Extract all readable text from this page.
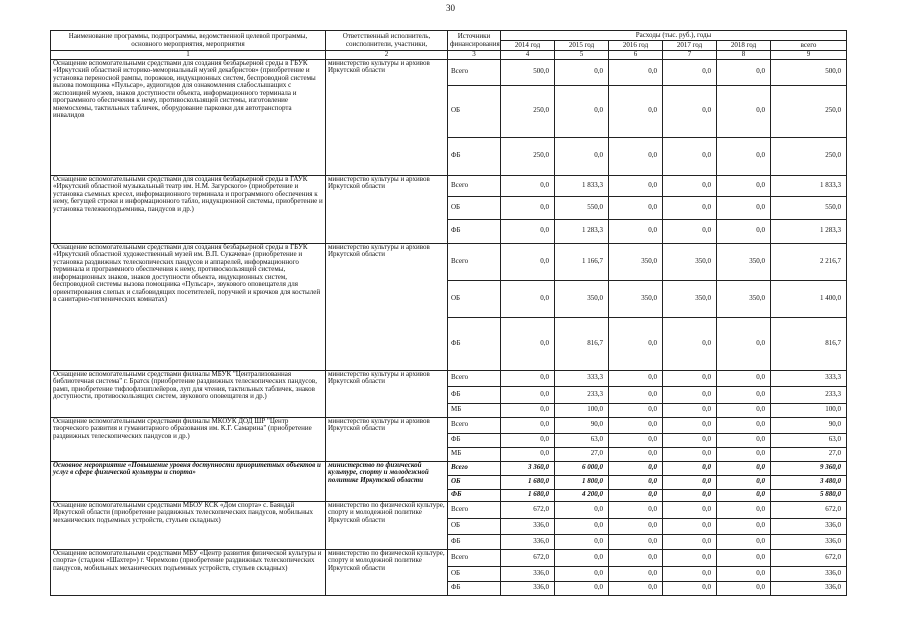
30
Наименование программы, подпрограммы, ведомственной целевой программы, основного мероприятия, мероприятия	Ответственный исполнитель, соисполнители, участники,	Источники финансирования	Расходы (тыс. руб.), годы					
			2014 год	2015 год	2016 год	2017 год	2018 год	всего
1	2	3	4	5	6	7	8	9
Оснащение вспомогательными средствами для создания безбарьерной среды в ГБУК «Иркутский областной историко-мемориальный музей декабристов» (приобретение и установка переносной рампы, порожков, индукционных систем, беспроводной системы вызова помощника «Пульсар», аудиогидов для ознакомления слабослышащих с экспозицией музеев, знаков доступности объекта, информационного терминала и программного обеспечения к нему, противоскользящей системы, изготовление мнемосхемы, тактильных табличек, оборудование парковки для автотранспорта инвалидов	министерство культуры и архивов Иркутской области	Всего	500,0	0,0	0,0	0,0	0,0	500,0
		ОБ	250,0	0,0	0,0	0,0	0,0	250,0
		ФБ	250,0	0,0	0,0	0,0	0,0	250,0
Оснащение вспомогательными средствами для создания безбарьерной среды в ГАУК «Иркутский областной музыкальный театр им. Н.М. Загурского» (приобретение и установка съемных кресел, информационного терминала и программного обеспечения к нему, бегущей строки и информационного табло, индукционной системы, приобретение и установка тележкоподъемника, пандусов и др.)	министерство культуры и архивов Иркутской области	Всего	0,0	1 833,3	0,0	0,0	0,0	1 833,3
		ОБ	0,0	550,0	0,0	0,0	0,0	550,0
		ФБ	0,0	1 283,3	0,0	0,0	0,0	1 283,3
Оснащение вспомогательными средствами для создания безбарьерной среды в ГБУК «Иркутский областной художественный музей им. В.П. Сукачева» (приобретение и установка раздвижных телескопических пандусов и аппарелей, информационного терминала и программного обеспечения к нему, противоскользящей системы, информационных знаков, знаков доступности объекта, индукционных систем, беспроводной системы вызова помощника «Пульсар», звукового оповещателя для ориентирования слепых и слабовидящих посетителей, поручней и крючков для костылей в санитарно-гигиенических комнатах)	министерство культуры и архивов Иркутской области	Всего	0,0	1 166,7	350,0	350,0	350,0	2 216,7
		ОБ	0,0	350,0	350,0	350,0	350,0	1 400,0
		ФБ	0,0	816,7	0,0	0,0	0,0	816,7
Оснащение вспомогательными средствами филиалы МБУК "Централизованная библиотечная система" г. Братск (приобретение раздвижных телескопических пандусов, рамп, приобретение тифлофлэшплейеров, луп для чтения, тактильных табличек, знаков доступности, противоскользящих систем, звукового оповещателя и др.)	министерство культуры и архивов Иркутской области	Всего	0,0	333,3	0,0	0,0	0,0	333,3
		ФБ	0,0	233,3	0,0	0,0	0,0	233,3
		МБ	0,0	100,0	0,0	0,0	0,0	100,0
Оснащение вспомогательными средствами филиалы МКОУК ДОД ШР "Центр творческого развития и гуманитарного образования им. К.Г. Самарина" (приобретение раздвижных телескопических пандусов и др.)	министерство культуры и архивов Иркутской области	Всего	0,0	90,0	0,0	0,0	0,0	90,0
		ФБ	0,0	63,0	0,0	0,0	0,0	63,0
		МБ	0,0	27,0	0,0	0,0	0,0	27,0
Основное мероприятие «Повышение уровня доступности приоритетных объектов и услуг в сфере физической культуры и спорта»	министерство по физической культуре, спорту и молодежной политике Иркутской области	Всего	3 360,0	6 000,0	0,0	0,0	0,0	9 360,0
		ОБ	1 680,0	1 800,0	0,0	0,0	0,0	3 480,0
		ФБ	1 680,0	4 200,0	0,0	0,0	0,0	5 880,0
Оснащение вспомогательными средствами МБОУ КСК «Дом спорта» с. Баяндай Иркутской области (приобретение раздвижных телескопических пандусов, мобильных механических подъемных устройств, стульев складных)	министерство по физической культуре, спорту и молодежной политике Иркутской области	Всего	672,0	0,0	0,0	0,0	0,0	672,0
		ОБ	336,0	0,0	0,0	0,0	0,0	336,0
		ФБ	336,0	0,0	0,0	0,0	0,0	336,0
Оснащение вспомогательными средствами МБУ «Центр развития физической культуры и спорта» (стадион «Шахтер») г. Черемхово (приобретение раздвижных телескопических пандусов, мобильных механических подъемных устройств, стульев складных)	министерство по физической культуре, спорту и молодежной политике Иркутской области	Всего	672,0	0,0	0,0	0,0	0,0	672,0
		ОБ	336,0	0,0	0,0	0,0	0,0	336,0
		ФБ	336,0	0,0	0,0	0,0	0,0	336,0
